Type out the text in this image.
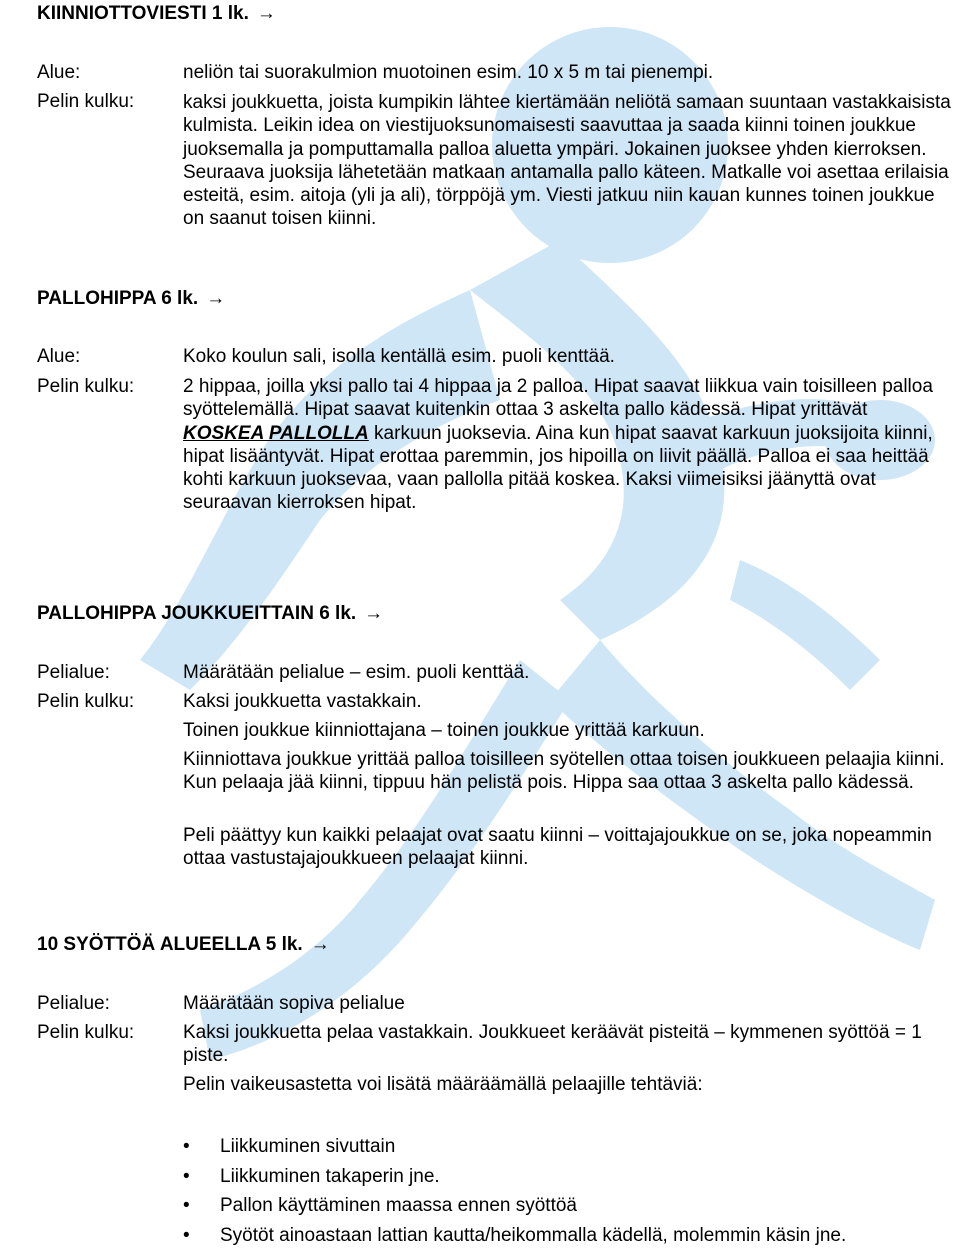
KIINNIOTTOVIESTI 1 lk. →
Alue:
Pelin kulku:
neliön tai suorakulmion muotoinen esim. 10 x 5 m tai pienempi.
kaksi joukkuetta, joista kumpikin lähtee kiertämään neliötä samaan suuntaan vastakkaisista kulmista. Leikin idea on viestijuoksunomaisesti saavuttaa ja saada kiinni toinen joukkue juoksemalla ja pomputtamalla palloa aluetta ympäri. Jokainen juoksee yhden kierroksen. Seuraava juoksija lähetetään matkaan antamalla pallo käteen. Matkalle voi asettaa erilaisia esteitä, esim. aitoja (yli ja ali), törppöjä ym. Viesti jatkuu niin kauan kunnes toinen joukkue on saanut toisen kiinni.
PALLOHIPPA 6 lk. →
Alue:
Pelin kulku:
Koko koulun sali, isolla kentällä esim. puoli kenttää.
2 hippaa, joilla yksi pallo tai 4 hippaa ja 2 palloa. Hipat saavat liikkua vain toisilleen palloa syöttelemällä. Hipat saavat kuitenkin ottaa 3 askelta pallo kädessä. Hipat yrittävät KOSKEA PALLOLLA karkuun juoksevia. Aina kun hipat saavat karkuun juoksijoita kiinni, hipat lisääntyvät. Hipat erottaa paremmin, jos hipoilla on liivit päällä. Palloa ei saa heittää kohti karkuun juoksevaa, vaan pallolla pitää koskea. Kaksi viimeisiksi jäänyttä ovat seuraavan kierroksen hipat.
PALLOHIPPA JOUKKUEITTAIN 6 lk. →
Pelialue:
Pelin kulku:
Määrätään pelialue – esim. puoli kenttää.
Kaksi joukkuetta vastakkain.
Toinen joukkue kiinniottajana – toinen joukkue yrittää karkuun.
Kiinniottava joukkue yrittää palloa toisilleen syötellen ottaa toisen joukkueen pelaajia kiinni. Kun pelaaja jää kiinni, tippuu hän pelistä pois. Hippa saa ottaa 3 askelta pallo kädessä.
Peli päättyy kun kaikki pelaajat ovat saatu kiinni – voittajajoukkue on se, joka nopeammin ottaa vastustajajoukkueen pelaajat kiinni.
10 SYÖTTÖÄ ALUEELLA 5 lk. →
Pelialue:
Pelin kulku:
Määrätään sopiva pelialue
Kaksi joukkuetta pelaa vastakkain. Joukkueet keräävät pisteitä – kymmenen syöttöä = 1 piste.
Pelin vaikeusastetta voi lisätä määräämällä pelaajille tehtäviä:
• Liikkuminen sivuttain
• Liikkuminen takaperin jne.
• Pallon käyttäminen maassa ennen syöttöä
• Syötöt ainoastaan lattian kautta/heikommalla kädellä, molemmin käsin jne.
